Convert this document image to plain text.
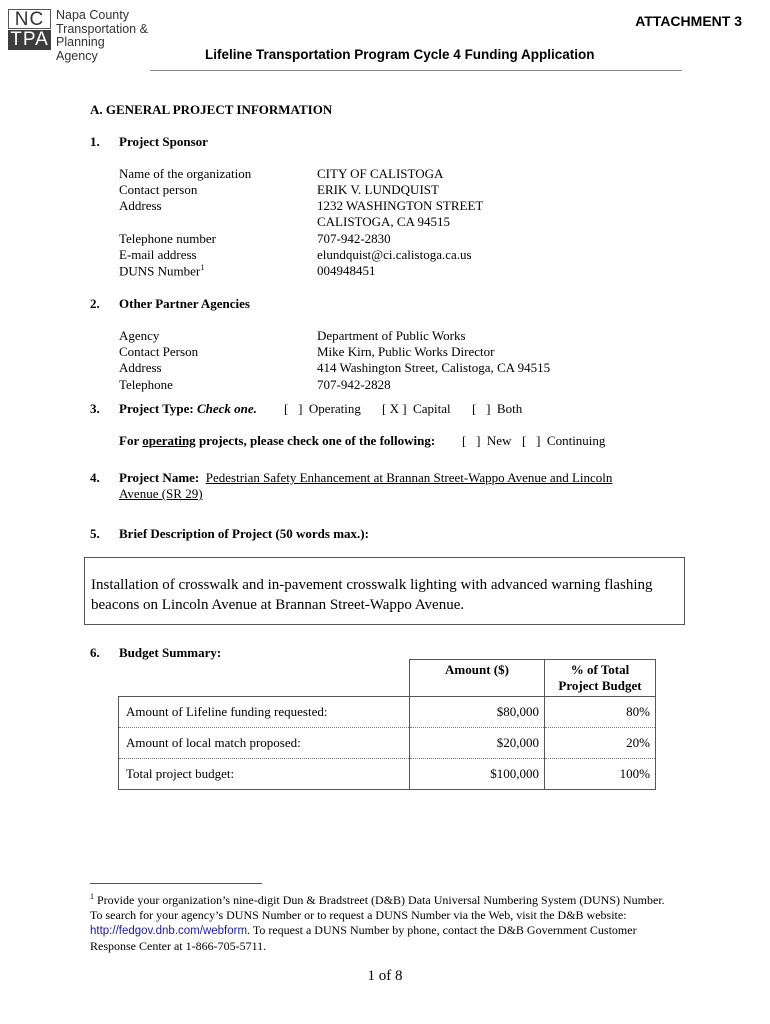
NC
TPA
Napa County
Transportation &
Planning Agency
ATTACHMENT 3
Lifeline Transportation Program Cycle 4 Funding Application
A. GENERAL PROJECT INFORMATION
1. Project Sponsor
Name of the organization	CITY OF CALISTOGA
Contact person	ERIK V. LUNDQUIST
Address	1232 WASHINGTON STREET
CALISTOGA, CA 94515
Telephone number	707-942-2830
E-mail address	elundquist@ci.calistoga.ca.us
DUNS Number$^1$	004948451
2. Other Partner Agencies
Agency	Department of Public Works
Contact Person	Mike Kirn, Public Works Director
Address	414 Washington Street, Calistoga, CA 94515
Telephone	707-942-2828
3. Project Type: Check one. [   ]  Operating [ X ]  Capital [   ]  Both
For operating projects, please check one of the following: [   ]  New [   ]  Continuing
4. Project Name: Pedestrian Safety Enhancement at Brannan Street-Wappo Avenue and Lincoln
Avenue (SR 29)
5. Brief Description of Project (50 words max.):
Installation of crosswalk and in-pavement crosswalk lighting with advanced warning flashing
beacons on Lincoln Avenue at Brannan Street-Wappo Avenue.
6. Budget Summary:
	Amount ($)	% of Total
Project Budget

Amount of Lifeline funding requested:	$80,000	80%
Amount of local match proposed:	$20,000	20%
Total project budget:	$100,000	100%
$^1$ Provide your organization’s nine-digit Dun & Bradstreet (D&B) Data Universal Numbering System (DUNS) Number. To search for your agency’s DUNS Number or to request a DUNS Number via the Web, visit the D&B website: http://fedgov.dnb.com/webform. To request a DUNS Number by phone, contact the D&B Government Customer Response Center at 1-866-705-5711.
1 of 8
